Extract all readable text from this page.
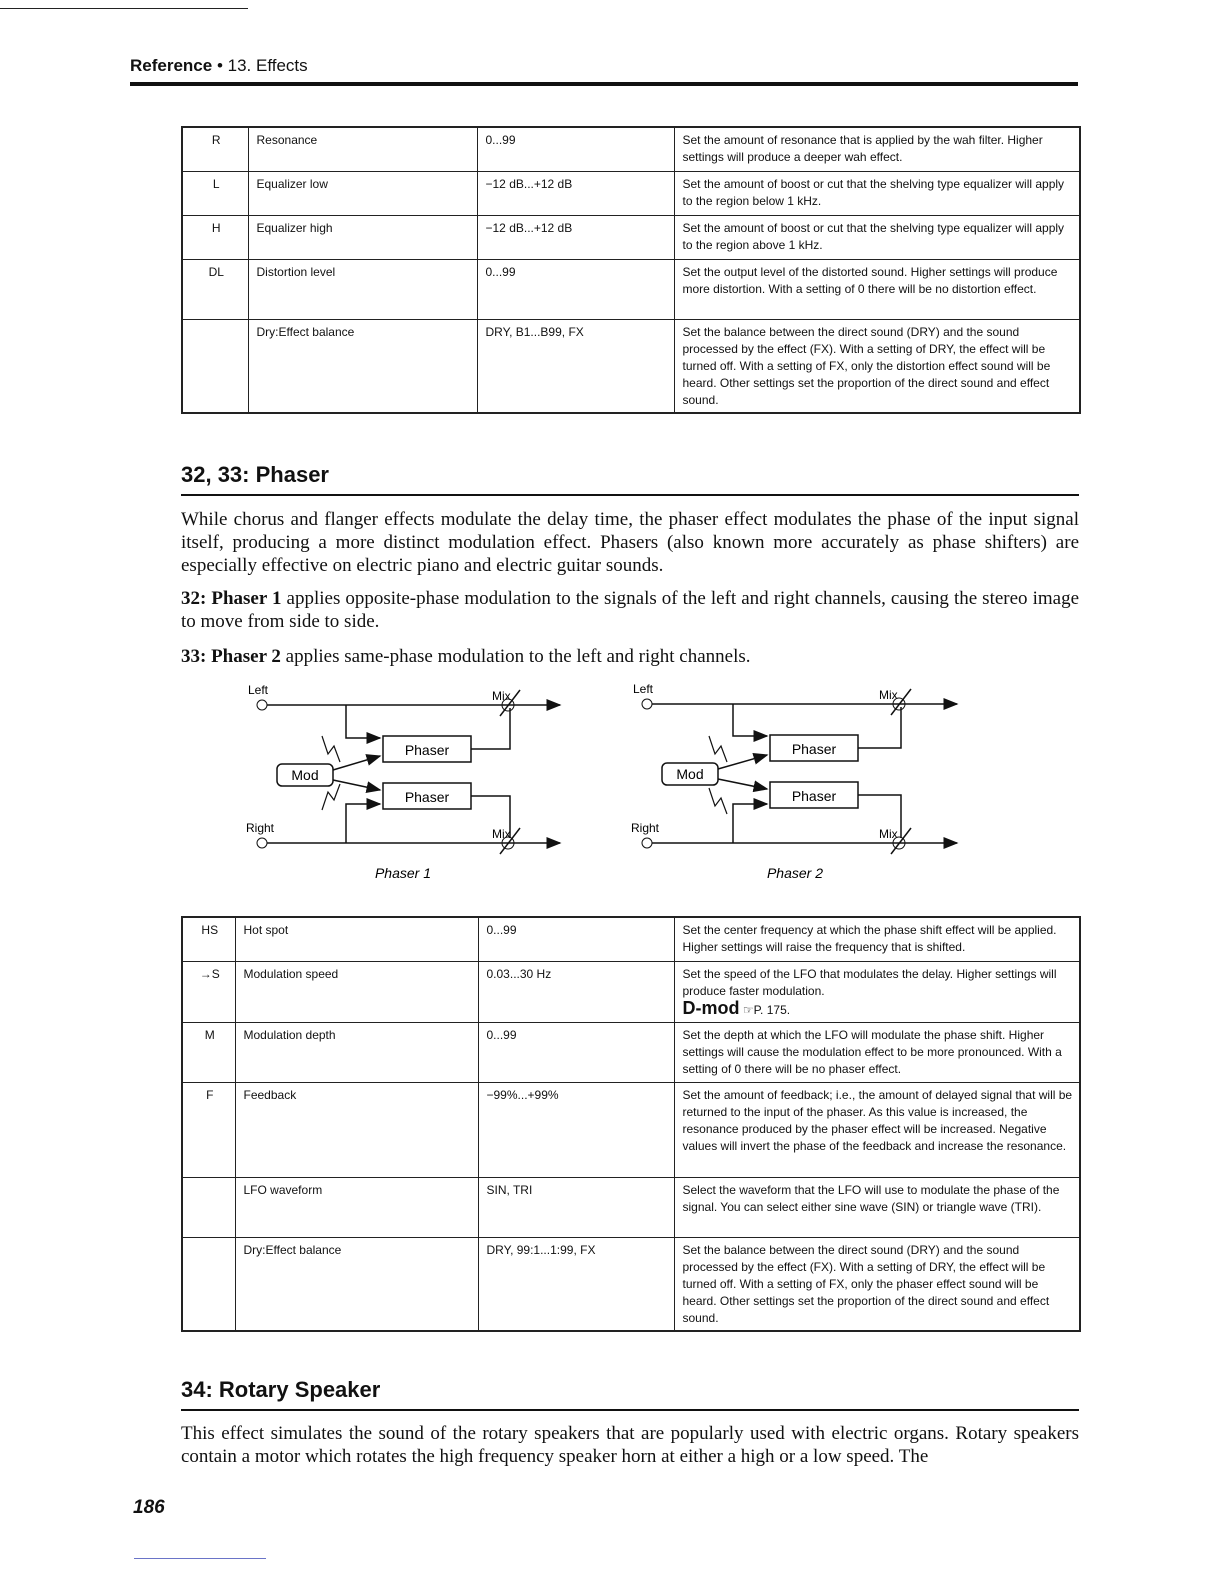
Reference • 13. Effects
R	Resonance	0...99	Set the amount of resonance that is applied by the wah filter. Higher settings will produce a deeper wah effect.
L	Equalizer low	−12 dB...+12 dB	Set the amount of boost or cut that the shelving type equalizer will apply to the region below 1 kHz.
H	Equalizer high	−12 dB...+12 dB	Set the amount of boost or cut that the shelving type equalizer will apply to the region above 1 kHz.
DL	Distortion level	0...99	Set the output level of the distorted sound. Higher settings will produce more distortion. With a setting of 0 there will be no distortion effect.
	Dry:Effect balance	DRY, B1...B99, FX	Set the balance between the direct sound (DRY) and the sound processed by the effect (FX). With a setting of DRY, the effect will be turned off. With a setting of FX, only the distortion effect sound will be heard. Other settings set the proportion of the direct sound and effect sound.
32, 33: Phaser

While chorus and flanger effects modulate the delay time, the phaser effect modulates the phase of the input signal itself, producing a more distinct modulation effect. Phasers (also known more accurately as phase shifters) are especially effective on electric piano and electric guitar sounds.

32: Phaser 1 applies opposite-phase modulation to the signals of the left and right channels, causing the stereo image to move from side to side.

33: Phaser 2 applies same-phase modulation to the left and right channels.

Left	Mix
Phaser
Mod
Phaser
Right	Mix
Phaser 1
Left	Mix
Phaser
Mod
Phaser
Right	Mix
Phaser 2
HS	Hot spot	0...99	Set the center frequency at which the phase shift effect will be applied. Higher settings will raise the frequency that is shifted.
→S	Modulation speed	0.03...30 Hz	Set the speed of the LFO that modulates the delay. Higher settings will produce faster modulation.
D-mod ☞P. 175.

M	Modulation depth	0...99	Set the depth at which the LFO will modulate the phase shift. Higher settings will cause the modulation effect to be more pronounced. With a setting of 0 there will be no phaser effect.
F	Feedback	−99%...+99%	Set the amount of feedback; i.e., the amount of delayed signal that will be returned to the input of the phaser. As this value is increased, the resonance produced by the phaser effect will be increased. Negative values will invert the phase of the feedback and increase the resonance.
	LFO waveform	SIN, TRI	Select the waveform that the LFO will use to modulate the phase of the signal. You can select either sine wave (SIN) or triangle wave (TRI).
	Dry:Effect balance	DRY, 99:1...1:99, FX	Set the balance between the direct sound (DRY) and the sound processed by the effect (FX). With a setting of DRY, the effect will be turned off. With a setting of FX, only the phaser effect sound will be heard. Other settings set the proportion of the direct sound and effect sound.
34: Rotary Speaker

This effect simulates the sound of the rotary speakers that are popularly used with electric organs. Rotary speakers contain a motor which rotates the high frequency speaker horn at either a high or a low speed. The

186
